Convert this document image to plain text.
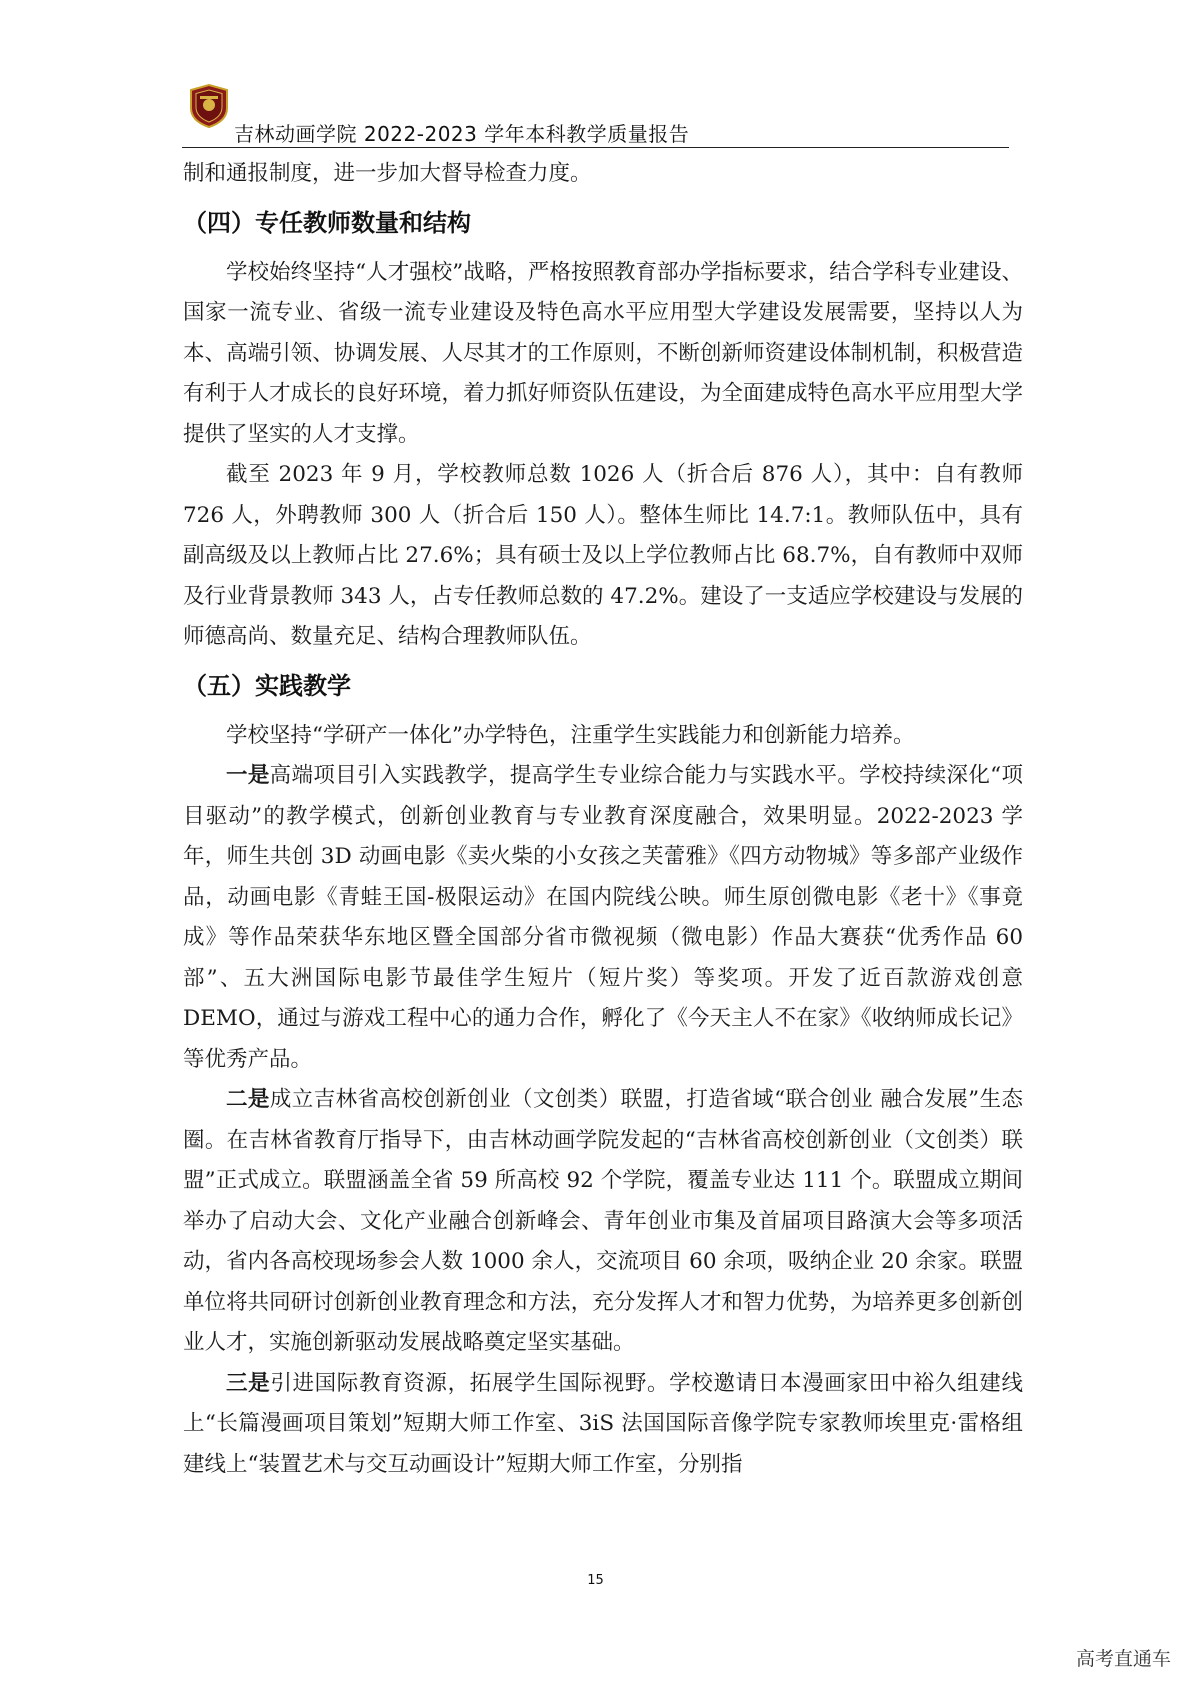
吉林动画学院 2022-2023 学年本科教学质量报告

制和通报制度，进一步加大督导检查力度。

（四）专任教师数量和结构

学校始终坚持“人才强校”战略，严格按照教育部办学指标要求，结合学科专业建设、国家一流专业、省级一流专业建设及特色高水平应用型大学建设发展需要，坚持以人为本、高端引领、协调发展、人尽其才的工作原则，不断创新师资建设体制机制，积极营造有利于人才成长的良好环境，着力抓好师资队伍建设，为全面建成特色高水平应用型大学提供了坚实的人才支撑。

截至 2023 年 9 月，学校教师总数 1026 人（折合后 876 人），其中：自有教师 726 人，外聘教师 300 人（折合后 150 人）。整体生师比 14.7:1。教师队伍中，具有副高级及以上教师占比 27.6%；具有硕士及以上学位教师占比 68.7%，自有教师中双师及行业背景教师 343 人，占专任教师总数的 47.2%。建设了一支适应学校建设与发展的师德高尚、数量充足、结构合理教师队伍。

（五）实践教学

学校坚持“学研产一体化”办学特色，注重学生实践能力和创新能力培养。

一是高端项目引入实践教学，提高学生专业综合能力与实践水平。学校持续深化“项目驱动”的教学模式，创新创业教育与专业教育深度融合，效果明显。2022-2023 学年，师生共创 3D 动画电影《卖火柴的小女孩之芙蕾雅》《四方动物城》等多部产业级作品，动画电影《青蛙王国-极限运动》在国内院线公映。师生原创微电影《老十》《事竟成》等作品荣获华东地区暨全国部分省市微视频（微电影）作品大赛获“优秀作品 60 部”、五大洲国际电影节最佳学生短片（短片奖）等奖项。开发了近百款游戏创意 DEMO，通过与游戏工程中心的通力合作，孵化了《今天主人不在家》《收纳师成长记》等优秀产品。

二是成立吉林省高校创新创业（文创类）联盟，打造省域“联合创业 融合发展”生态圈。在吉林省教育厅指导下，由吉林动画学院发起的“吉林省高校创新创业（文创类）联盟”正式成立。联盟涵盖全省 59 所高校 92 个学院，覆盖专业达 111 个。联盟成立期间举办了启动大会、文化产业融合创新峰会、青年创业市集及首届项目路演大会等多项活动，省内各高校现场参会人数 1000 余人，交流项目 60 余项，吸纳企业 20 余家。联盟单位将共同研讨创新创业教育理念和方法，充分发挥人才和智力优势，为培养更多创新创业人才，实施创新驱动发展战略奠定坚实基础。

三是引进国际教育资源，拓展学生国际视野。学校邀请日本漫画家田中裕久组建线上“长篇漫画项目策划”短期大师工作室、3iS 法国国际音像学院专家教师埃里克·雷格组建线上“装置艺术与交互动画设计”短期大师工作室，分别指

15
高考直通车
